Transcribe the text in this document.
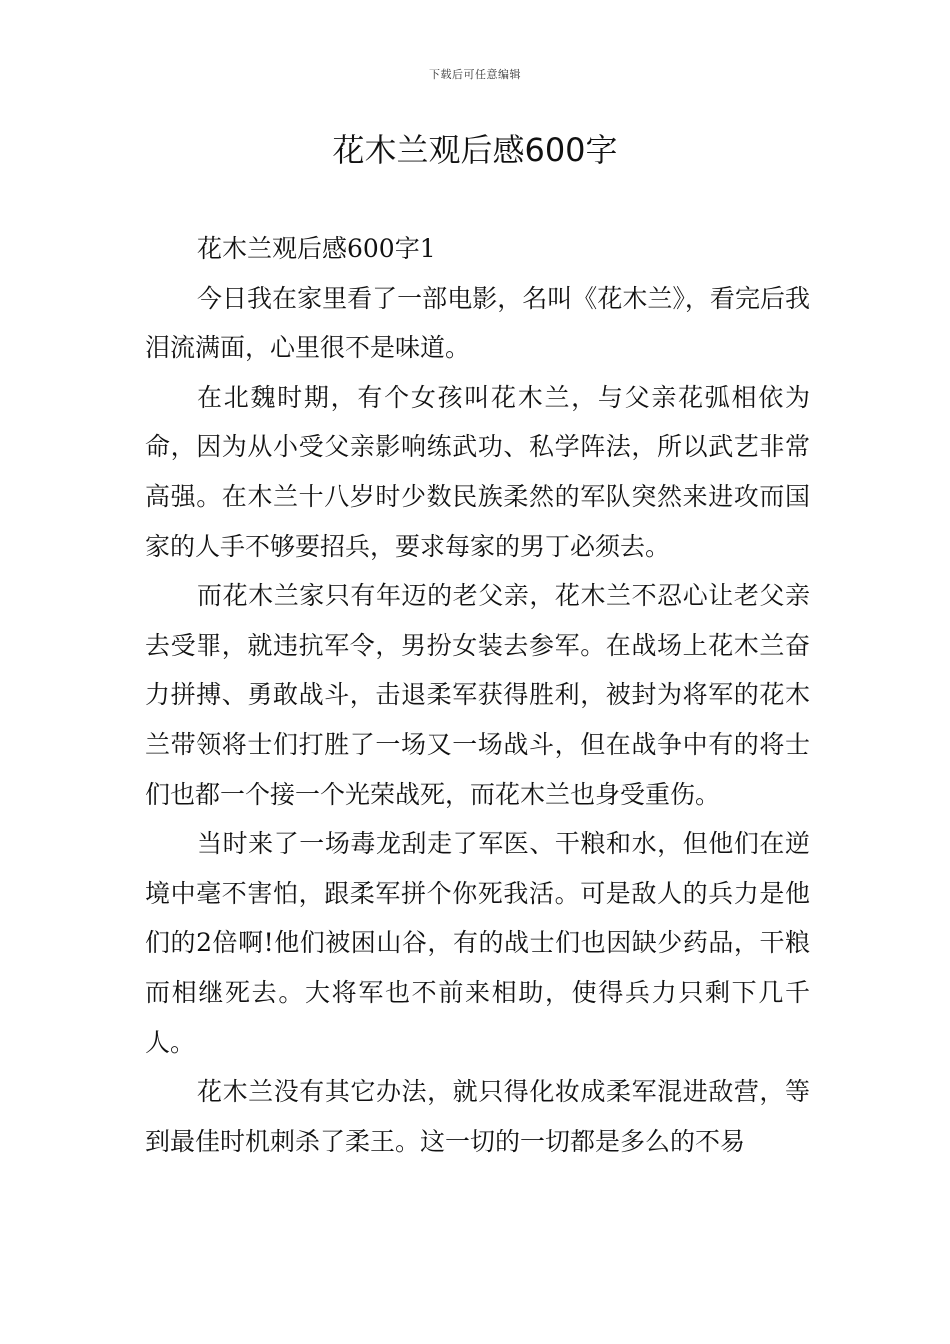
下载后可任意编辑
花木兰观后感600字

花木兰观后感600字1

今日我在家里看了一部电影，名叫《花木兰》，看完后我泪流满面，心里很不是味道。

在北魏时期，有个女孩叫花木兰，与父亲花弧相依为命，因为从小受父亲影响练武功、私学阵法，所以武艺非常高强。在木兰十八岁时少数民族柔然的军队突然来进攻而国家的人手不够要招兵，要求每家的男丁必须去。

而花木兰家只有年迈的老父亲，花木兰不忍心让老父亲去受罪，就违抗军令，男扮女装去参军。在战场上花木兰奋力拼搏、勇敢战斗，击退柔军获得胜利，被封为将军的花木兰带领将士们打胜了一场又一场战斗，但在战争中有的将士们也都一个接一个光荣战死，而花木兰也身受重伤。

当时来了一场毒龙刮走了军医、干粮和水，但他们在逆境中毫不害怕，跟柔军拼个你死我活。可是敌人的兵力是他们的2倍啊!他们被困山谷，有的战士们也因缺少药品，干粮而相继死去。大将军也不前来相助，使得兵力只剩下几千人。

花木兰没有其它办法，就只得化妆成柔军混进敌营，等到最佳时机刺杀了柔王。这一切的一切都是多么的不易
